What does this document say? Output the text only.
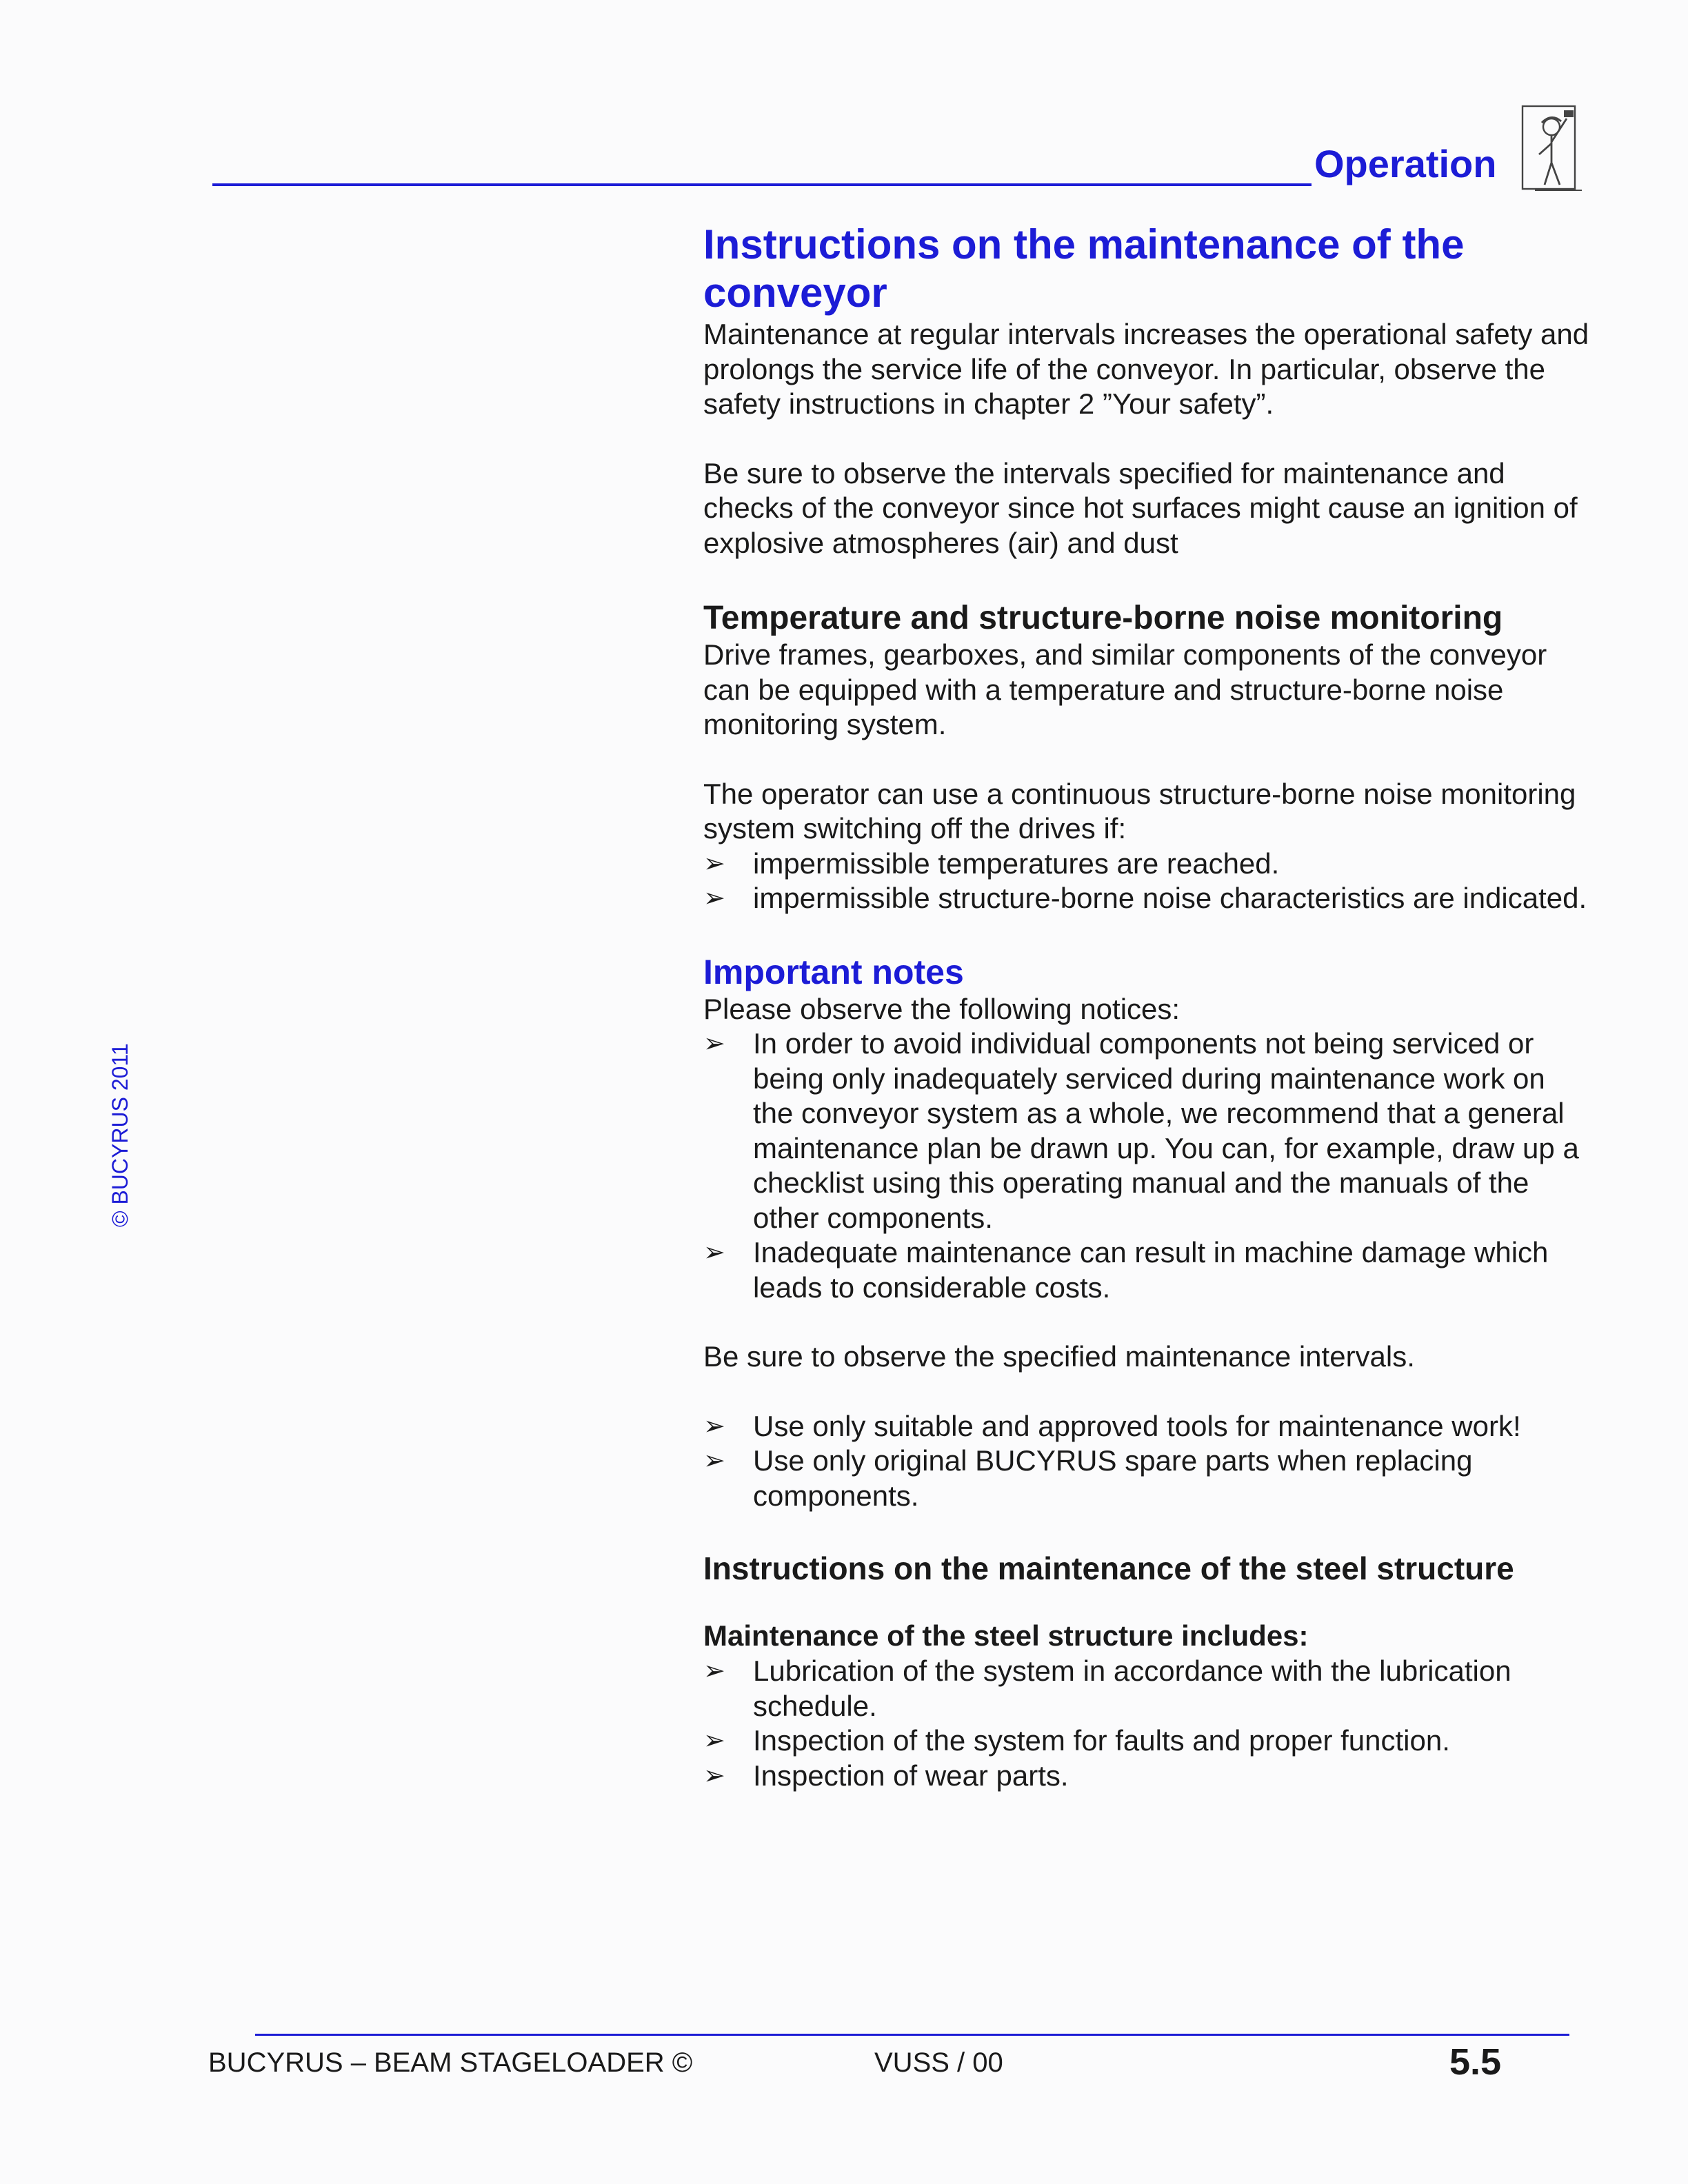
Operation
© BUCYRUS 2011
Instructions on the maintenance of the conveyor

Maintenance at regular intervals increases the operational safety and prolongs the service life of the conveyor. In particular, observe the safety instructions in chapter 2 ”Your safety”.

Be sure to observe the intervals specified for maintenance and checks of the conveyor since hot surfaces might cause an ignition of explosive atmospheres (air) and dust

Temperature and structure-borne noise monitoring

Drive frames, gearboxes, and similar components of the conveyor can be equipped with a temperature and structure-borne noise monitoring system.

The operator can use a continuous structure-borne noise monitoring system switching off the drives if:

➢ impermissible temperatures are reached.
➢ impermissible structure-borne noise characteristics are indicated.
Important notes

Please observe the following notices:

➢ In order to avoid individual components not being serviced or being only inadequately serviced during maintenance work on the conveyor system as a whole, we recommend that a general maintenance plan be drawn up. You can, for example, draw up a checklist using this operating manual and the manuals of the other components.
➢ Inadequate maintenance can result in machine damage which leads to considerable costs.

Be sure to observe the specified maintenance intervals.

➢ Use only suitable and approved tools for maintenance work!
➢ Use only original BUCYRUS spare parts when replacing components.
Instructions on the maintenance of the steel structure
Maintenance of the steel structure includes:
➢ Lubrication of the system in accordance with the lubrication schedule.
➢ Inspection of the system for faults and proper function.
➢ Inspection of wear parts.
BUCYRUS – BEAM STAGELOADER ©	VUSS / 00	5.5
